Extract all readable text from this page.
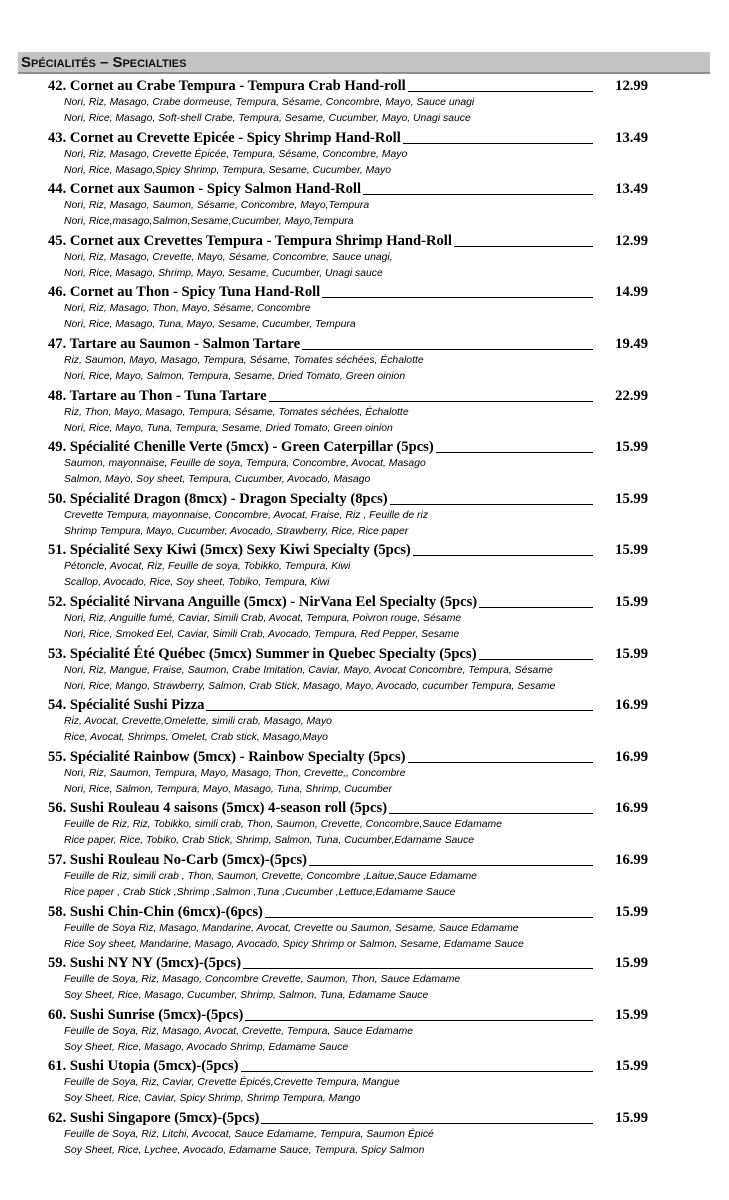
Spécialités – Specialties
42. Cornet au Crabe Tempura - Tempura Crab Hand-roll	12.99
Nori, Riz, Masago, Crabe dormeuse, Tempura, Sésame, Concombre, Mayo, Sauce unagi
Nori, Rice, Masago, Soft-shell Crabe, Tempura, Sesame, Cucumber, Mayo, Unagi sauce
43. Cornet au Crevette Epicée - Spicy Shrimp Hand-Roll	13.49
Nori, Riz, Masago, Crevette Épicée, Tempura, Sésame, Concombre, Mayo
Nori, Rice, Masago,Spicy Shrimp, Tempura, Sesame, Cucumber, Mayo
44. Cornet aux Saumon - Spicy Salmon Hand-Roll	13.49
Nori, Riz, Masago, Saumon, Sésame, Concombre, Mayo,Tempura
Nori, Rice,masago,Salmon,Sesame,Cucumber, Mayo,Tempura
45. Cornet aux Crevettes Tempura - Tempura Shrimp Hand-Roll	12.99
Nori, Riz, Masago, Crevette, Mayo, Sésame, Concombre, Sauce unagi,
Nori, Rice, Masago, Shrimp, Mayo, Sesame, Cucumber, Unagi sauce
46. Cornet au Thon - Spicy Tuna Hand-Roll	14.99
Nori, Riz, Masago, Thon, Mayo, Sésame, Concombre
Nori, Rice, Masago, Tuna, Mayo, Sesame, Cucumber, Tempura
47. Tartare au Saumon - Salmon Tartare	19.49
Riz, Saumon, Mayo, Masago, Tempura, Sésame, Tomates séchées, Échalotte
Nori, Rice, Mayo, Salmon, Tempura, Sesame, Dried Tomato, Green oinion
48. Tartare au Thon - Tuna Tartare	22.99
Riz, Thon, Mayo, Masago, Tempura, Sésame, Tomates séchées, Échalotte
Nori, Rice, Mayo, Tuna, Tempura, Sesame, Dried Tomato, Green oinion
49. Spécialité Chenille Verte (5mcx) - Green Caterpillar (5pcs)	15.99
Saumon, mayonnaise, Feuille de soya, Tempura, Concombre, Avocat, Masago
Salmon, Mayo, Soy sheet, Tempura, Cucumber, Avocado, Masago
50. Spécialité Dragon (8mcx) - Dragon Specialty (8pcs)	15.99
Crevette Tempura, mayonnaise, Concombre, Avocat, Fraise, Riz , Feuille de riz
Shrimp Tempura, Mayo, Cucumber, Avocado, Strawberry, Rice, Rice paper
51. Spécialité Sexy Kiwi (5mcx) Sexy Kiwi Specialty (5pcs)	15.99
Pétoncle, Avocat, Riz, Feuille de soya, Tobikko, Tempura, Kiwi
Scallop, Avocado, Rice, Soy sheet, Tobiko, Tempura, Kiwi
52. Spécialité Nirvana Anguille (5mcx) - NirVana Eel Specialty (5pcs)	15.99
Nori, Riz, Anguille fumé, Caviar, Simili Crab, Avocat, Tempura, Poivron rouge, Sésame
Nori, Rice, Smoked Eel, Caviar, Simili Crab, Avocado, Tempura, Red Pepper, Sesame
53. Spécialité Été Québec (5mcx) Summer in Quebec Specialty (5pcs)	15.99
Nori, Riz, Mangue, Fraise, Saumon, Crabe Imitation, Caviar, Mayo, Avocat Concombre, Tempura, Sésame
Nori, Rice, Mango, Strawberry, Salmon, Crab Stick, Masago, Mayo, Avocado, cucumber Tempura, Sesame
54. Spécialité Sushi Pizza	16.99
Riz, Avocat, Crevette,Omelette, simili crab, Masago, Mayo
Rice, Avocat, Shrimps, Omelet, Crab stick, Masago,Mayo
55. Spécialité Rainbow (5mcx) - Rainbow Specialty (5pcs)	16.99
Nori, Riz, Saumon, Tempura, Mayo, Masago, Thon, Crevette,, Concombre
Nori, Rice, Salmon, Tempura, Mayo, Masago, Tuna, Shrimp, Cucumber
56. Sushi Rouleau 4 saisons (5mcx) 4-season roll (5pcs)	16.99
Feuille de Riz, Riz, Tobikko, simili crab, Thon, Saumon, Crevette, Concombre,Sauce Edamame
Rice paper, Rice, Tobiko, Crab Stick, Shrimp, Salmon, Tuna, Cucumber,Edamame Sauce
57. Sushi Rouleau No-Carb (5mcx)-(5pcs)	16.99
Feuille de Riz, simili crab , Thon, Saumon, Crevette, Concombre ,Laitue,Sauce Edamame
Rice paper , Crab Stick ,Shrimp ,Salmon ,Tuna ,Cucumber ,Lettuce,Edamame Sauce
58. Sushi Chin-Chin (6mcx)-(6pcs)	15.99
Feuille de Soya Riz, Masago, Mandarine, Avocat, Crevette ou Saumon, Sesame, Sauce Edamame
Rice Soy sheet, Mandarine, Masago, Avocado, Spicy Shrimp or Salmon, Sesame, Edamame Sauce
59. Sushi NY NY (5mcx)-(5pcs)	15.99
Feuille de Soya, Riz, Masago, Concombre Crevette, Saumon, Thon, Sauce Edamame
Soy Sheet, Rice, Masago, Cucumber, Shrimp, Salmon, Tuna, Edamame Sauce
60. Sushi Sunrise (5mcx)-(5pcs)	15.99
Feuille de Soya, Riz, Masago, Avocat, Crevette, Tempura, Sauce Edamame
Soy Sheet, Rice, Masago, Avocado Shrimp, Edamame Sauce
61. Sushi Utopia (5mcx)-(5pcs)	15.99
Feuille de Soya, Riz, Caviar, Crevette Épicés,Crevette Tempura, Mangue
Soy Sheet, Rice, Caviar, Spicy Shrimp, Shrimp Tempura, Mango
62. Sushi Singapore (5mcx)-(5pcs)	15.99
Feuille de Soya, Riz, Litchi, Avcocat, Sauce Edamame, Tempura, Saumon Épicé
Soy Sheet, Rice, Lychee, Avocado, Edamame Sauce, Tempura, Spicy Salmon
